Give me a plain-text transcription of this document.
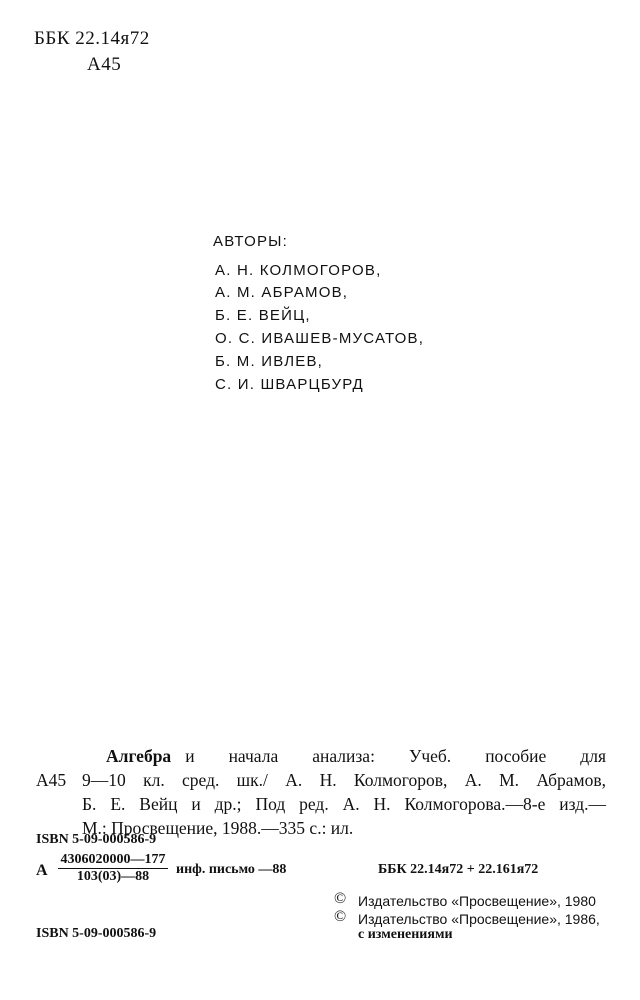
ББК 22.14я72
А45
АВТОРЫ:
А. Н. КОЛМОГОРОВ,
А. М. АБРАМОВ,
Б. Е. ВЕЙЦ,
О. С. ИВАШЕВ-МУСАТОВ,
Б. М. ИВЛЕВ,
С. И. ШВАРЦБУРД
Алгебра и начала анализа: Учеб. пособие для
А45 9—10 кл. сред. шк./ А. Н. Колмогоров, А. М. Абрамов,
Б. Е. Вейц и др.; Под ред. А. Н. Колмогорова.—8-е изд.—
М.: Просвещение, 1988.—335 с.: ил.
ISBN 5-09-000586-9
А $\frac{4306020000—177}{103(03)—88}$ инф. письмо —88	ББК 22.14я72 + 22.161я72
© Издательство «Просвещение», 1980
© Издательство «Просвещение», 1986,
с изменениями
ISBN 5-09-000586-9
